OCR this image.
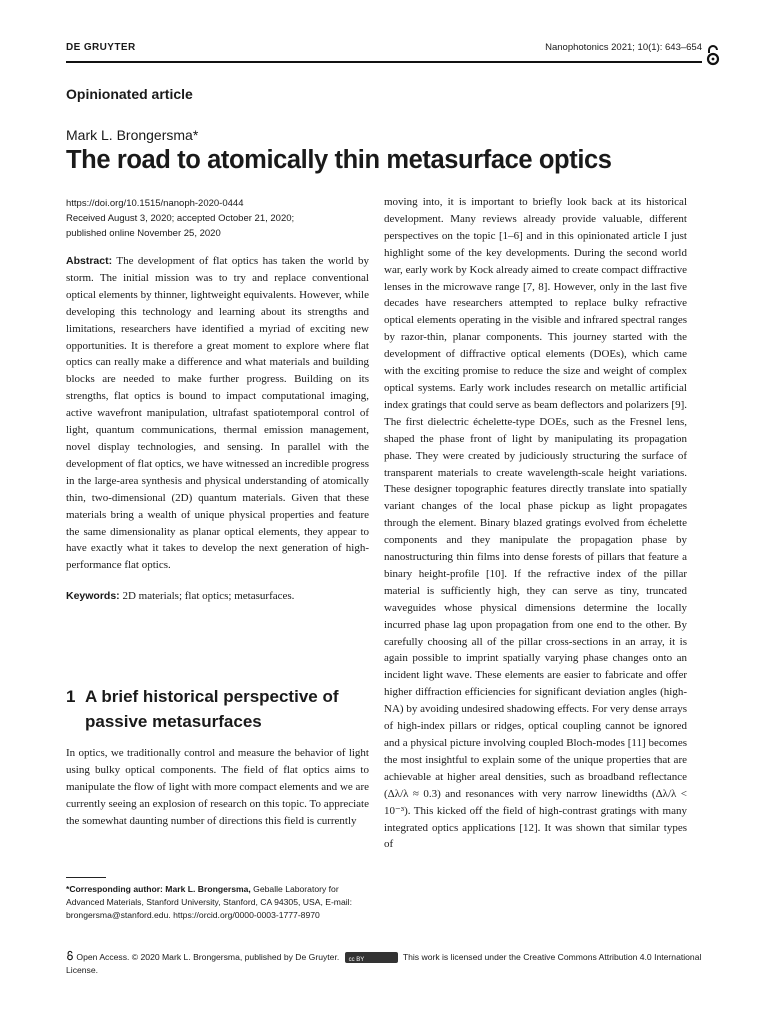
DE GRUYTER	Nanophotonics 2021; 10(1): 643–654
Opinionated article
Mark L. Brongersma*
The road to atomically thin metasurface optics
https://doi.org/10.1515/nanoph-2020-0444
Received August 3, 2020; accepted October 21, 2020;
published online November 25, 2020
Abstract: The development of flat optics has taken the world by storm. The initial mission was to try and replace conventional optical elements by thinner, lightweight equivalents. However, while developing this technology and learning about its strengths and limitations, researchers have identified a myriad of exciting new opportunities. It is therefore a great moment to explore where flat optics can really make a difference and what materials and building blocks are needed to make further progress. Building on its strengths, flat optics is bound to impact computational imaging, active wavefront manipulation, ultrafast spatiotemporal control of light, quantum communications, thermal emission management, novel display technologies, and sensing. In parallel with the development of flat optics, we have witnessed an incredible progress in the large-area synthesis and physical understanding of atomically thin, two-dimensional (2D) quantum materials. Given that these materials bring a wealth of unique physical properties and feature the same dimensionality as planar optical elements, they appear to have exactly what it takes to develop the next generation of high-performance flat optics.
Keywords: 2D materials; flat optics; metasurfaces.
1 A brief historical perspective of passive metasurfaces
In optics, we traditionally control and measure the behavior of light using bulky optical components. The field of flat optics aims to manipulate the flow of light with more compact elements and we are currently seeing an explosion of research on this topic. To appreciate the somewhat daunting number of directions this field is currently
moving into, it is important to briefly look back at its historical development. Many reviews already provide valuable, different perspectives on the topic [1–6] and in this opinionated article I just highlight some of the key developments. During the second world war, early work by Kock already aimed to create compact diffractive lenses in the microwave range [7, 8]. However, only in the last five decades have researchers attempted to replace bulky refractive optical elements operating in the visible and infrared spectral ranges by razor-thin, planar components. This journey started with the development of diffractive optical elements (DOEs), which came with the exciting promise to reduce the size and weight of complex optical systems. Early work includes research on metallic artificial index gratings that could serve as beam deflectors and polarizers [9]. The first dielectric échelette-type DOEs, such as the Fresnel lens, shaped the phase front of light by manipulating its propagation phase. They were created by judiciously structuring the surface of transparent materials to create wavelength-scale height variations. These designer topographic features directly translate into spatially variant changes of the local phase pickup as light propagates through the element. Binary blazed gratings evolved from échelette components and they manipulate the propagation phase by nanostructuring thin films into dense forests of pillars that feature a binary height-profile [10]. If the refractive index of the pillar material is sufficiently high, they can serve as tiny, truncated waveguides whose physical dimensions determine the locally incurred phase lag upon propagation from one end to the other. By carefully choosing all of the pillar cross-sections in an array, it is again possible to imprint spatially varying phase changes onto an incident light wave. These elements are easier to fabricate and offer higher diffraction efficiencies for significant deviation angles (high-NA) by avoiding undesired shadowing effects. For very dense arrays of high-index pillars or ridges, optical coupling cannot be ignored and a physical picture involving coupled Bloch-modes [11] becomes the most insightful to explain some of the unique properties that are achievable at higher areal densities, such as broadband reflectance (Δλ/λ ≈ 0.3) and resonances with very narrow linewidths (Δλ/λ < 10⁻³). This kicked off the field of high-contrast gratings with many integrated optics applications [12]. It was shown that similar types of
*Corresponding author: Mark L. Brongersma, Geballe Laboratory for Advanced Materials, Stanford University, Stanford, CA 94305, USA, E-mail: brongersma@stanford.edu. https://orcid.org/0000-0003-1777-8970
Open Access. © 2020 Mark L. Brongersma, published by De Gruyter. cc BY	This work is licensed under the Creative Commons Attribution 4.0 International License.
